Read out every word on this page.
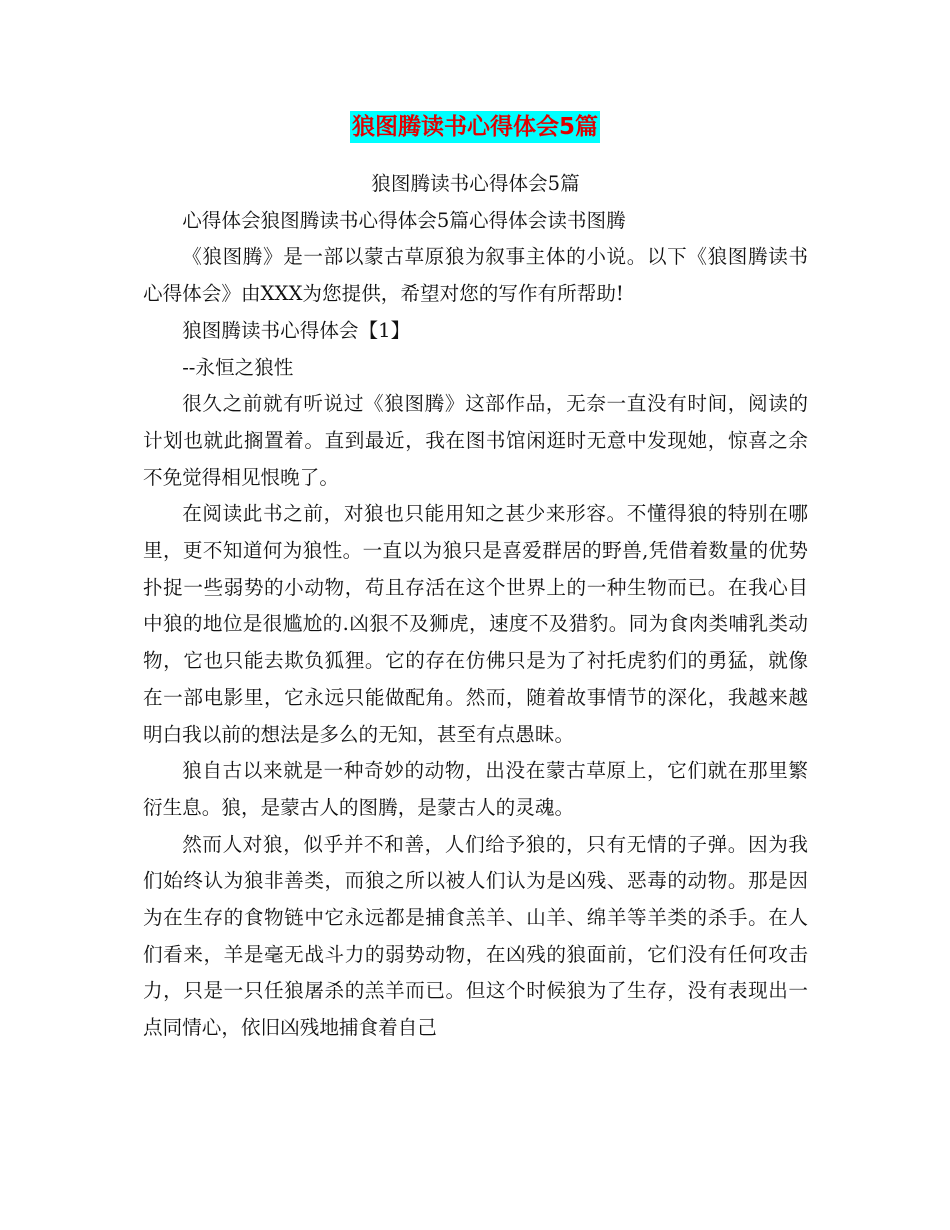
狼图腾读书心得体会5篇

狼图腾读书心得体会5篇

心得体会狼图腾读书心得体会5篇心得体会读书图腾

《狼图腾》是一部以蒙古草原狼为叙事主体的小说。以下《狼图腾读书心得体会》由XXX为您提供，希望对您的写作有所帮助!

狼图腾读书心得体会【1】

--永恒之狼性

很久之前就有听说过《狼图腾》这部作品，无奈一直没有时间，阅读的计划也就此搁置着。直到最近，我在图书馆闲逛时无意中发现她，惊喜之余不免觉得相见恨晚了。

在阅读此书之前，对狼也只能用知之甚少来形容。不懂得狼的特别在哪里，更不知道何为狼性。一直以为狼只是喜爱群居的野兽,凭借着数量的优势扑捉一些弱势的小动物，苟且存活在这个世界上的一种生物而已。在我心目中狼的地位是很尴尬的.凶狠不及狮虎，速度不及猎豹。同为食肉类哺乳类动物，它也只能去欺负狐狸。它的存在仿佛只是为了衬托虎豹们的勇猛，就像在一部电影里，它永远只能做配角。然而，随着故事情节的深化，我越来越明白我以前的想法是多么的无知，甚至有点愚昧。

狼自古以来就是一种奇妙的动物，出没在蒙古草原上，它们就在那里繁衍生息。狼，是蒙古人的图腾，是蒙古人的灵魂。

然而人对狼，似乎并不和善，人们给予狼的，只有无情的子弹。因为我们始终认为狼非善类，而狼之所以被人们认为是凶残、恶毒的动物。那是因为在生存的食物链中它永远都是捕食羔羊、山羊、绵羊等羊类的杀手。在人们看来，羊是毫无战斗力的弱势动物，在凶残的狼面前，它们没有任何攻击力，只是一只任狼屠杀的羔羊而已。但这个时候狼为了生存，没有表现出一点同情心，依旧凶残地捕食着自己
